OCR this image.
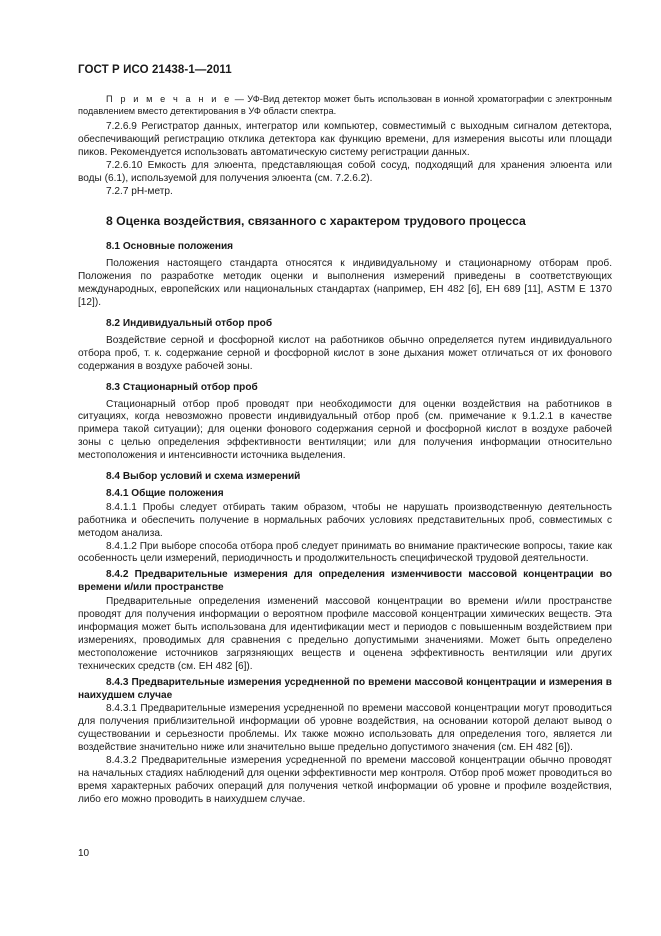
ГОСТ Р ИСО 21438-1—2011

П р и м е ч а н и е — УФ-Вид детектор может быть использован в ионной хроматографии с электронным подавлением вместо детектирования в УФ области спектра.

7.2.6.9 Регистратор данных, интегратор или компьютер, совместимый с выходным сигналом детектора, обеспечивающий регистрацию отклика детектора как функцию времени, для измерения высоты или площади пиков. Рекомендуется использовать автоматическую систему регистрации данных.

7.2.6.10 Емкость для элюента, представляющая собой сосуд, подходящий для хранения элюента или воды (6.1), используемой для получения элюента (см. 7.2.6.2).

7.2.7 pH-метр.

8 Оценка воздействия, связанного с характером трудового процесса

8.1 Основные положения

Положения настоящего стандарта относятся к индивидуальному и стационарному отборам проб. Положения по разработке методик оценки и выполнения измерений приведены в соответствующих международных, европейских или национальных стандартах (например, ЕН 482 [6], ЕН 689 [11], ASTM E 1370 [12]).

8.2 Индивидуальный отбор проб

Воздействие серной и фосфорной кислот на работников обычно определяется путем индивидуального отбора проб, т. к. содержание серной и фосфорной кислот в зоне дыхания может отличаться от их фонового содержания в воздухе рабочей зоны.

8.3 Стационарный отбор проб

Стационарный отбор проб проводят при необходимости для оценки воздействия на работников в ситуациях, когда невозможно провести индивидуальный отбор проб (см. примечание к 9.1.2.1 в качестве примера такой ситуации); для оценки фонового содержания серной и фосфорной кислот в воздухе рабочей зоны с целью определения эффективности вентиляции; или для получения информации относительно местоположения и интенсивности источника выделения.

8.4 Выбор условий и схема измерений

8.4.1 Общие положения

8.4.1.1 Пробы следует отбирать таким образом, чтобы не нарушать производственную деятельность работника и обеспечить получение в нормальных рабочих условиях представительных проб, совместимых с методом анализа.

8.4.1.2 При выборе способа отбора проб следует принимать во внимание практические вопросы, такие как особенность цели измерений, периодичность и продолжительность специфической трудовой деятельности.

8.4.2 Предварительные измерения для определения изменчивости массовой концентрации во времени и/или пространстве

Предварительные определения изменений массовой концентрации во времени и/или пространстве проводят для получения информации о вероятном профиле массовой концентрации химических веществ. Эта информация может быть использована для идентификации мест и периодов с повышенным воздействием при измерениях, проводимых для сравнения с предельно допустимыми значениями. Может быть определено местоположение источников загрязняющих веществ и оценена эффективность вентиляции или других технических средств (см. ЕН 482 [6]).

8.4.3 Предварительные измерения усредненной по времени массовой концентрации и измерения в наихудшем случае

8.4.3.1 Предварительные измерения усредненной по времени массовой концентрации могут проводиться для получения приблизительной информации об уровне воздействия, на основании которой делают вывод о существовании и серьезности проблемы. Их также можно использовать для определения того, является ли воздействие значительно ниже или значительно выше предельно допустимого значения (см. ЕН 482 [6]).

8.4.3.2 Предварительные измерения усредненной по времени массовой концентрации обычно проводят на начальных стадиях наблюдений для оценки эффективности мер контроля. Отбор проб может проводиться во время характерных рабочих операций для получения четкой информации об уровне и профиле воздействия, либо его можно проводить в наихудшем случае.

10
